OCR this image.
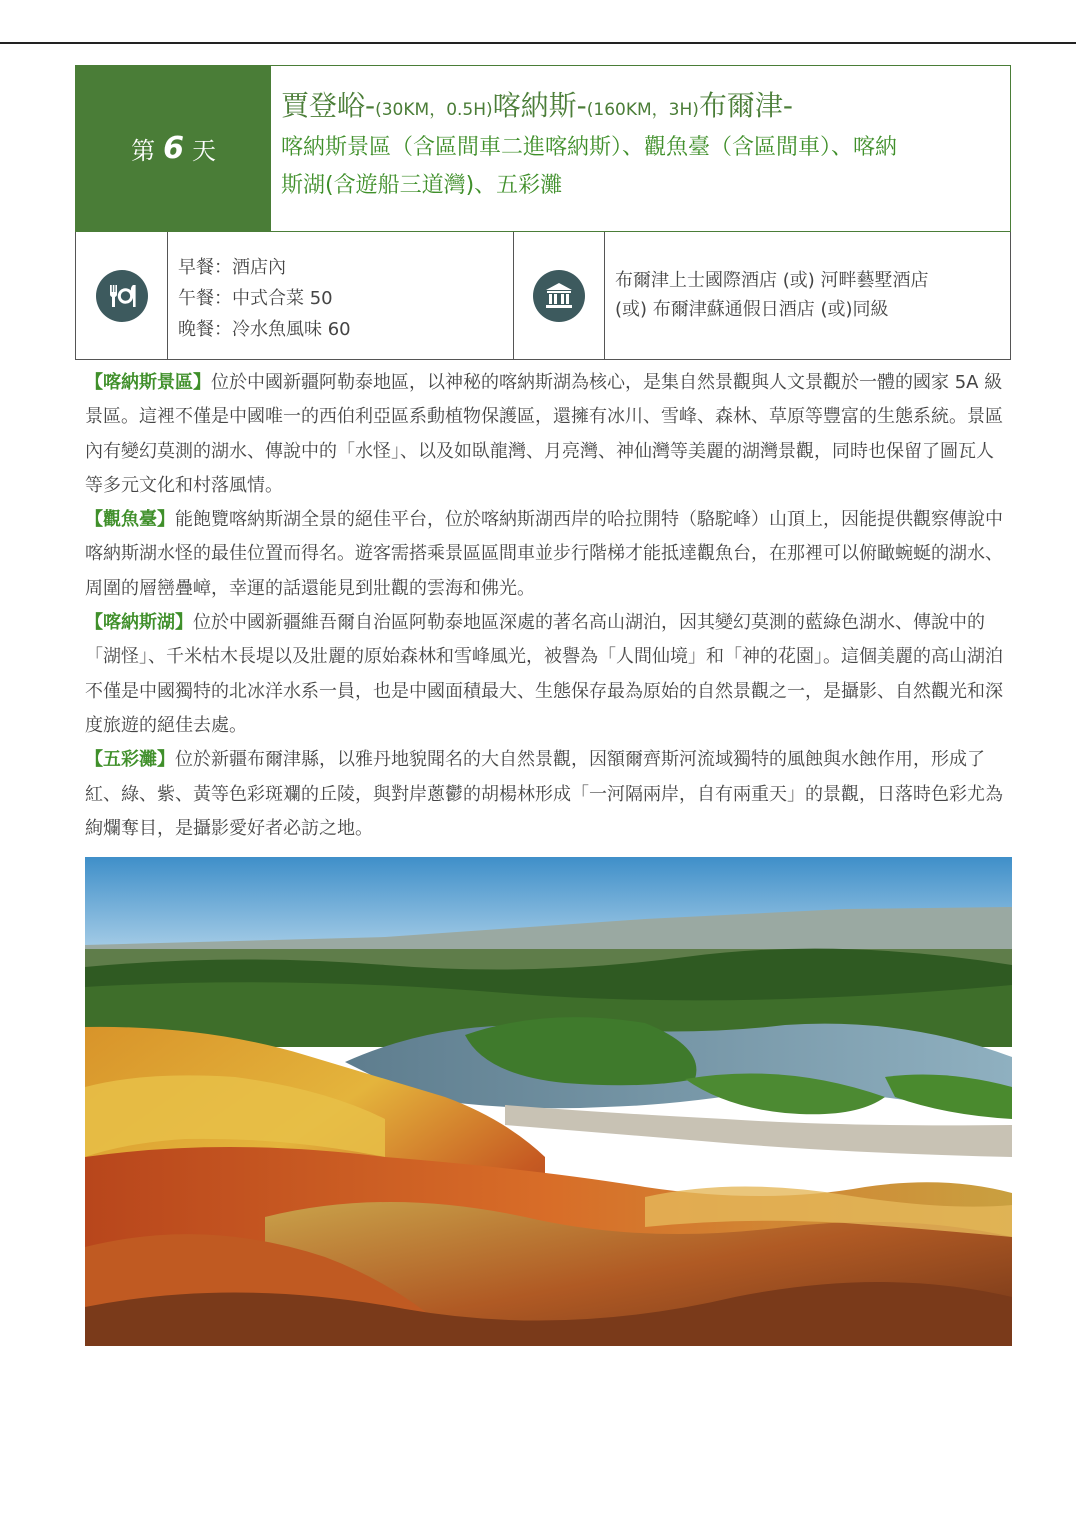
第 6 天
賈登峪-(30KM，0.5H)喀納斯-(160KM，3H)布爾津-
喀納斯景區（含區間車二進喀納斯）、觀魚臺（含區間車）、喀納
斯湖(含遊船三道灣)、五彩灘
早餐：酒店內
午餐：中式合菜 50
晚餐：冷水魚風味 60
布爾津上士國際酒店 (或) 河畔藝墅酒店
(或) 布爾津蘇通假日酒店 (或)同級

【喀納斯景區】位於中國新疆阿勒泰地區，以神秘的喀納斯湖為核心，是集自然景觀與人文景觀於一體的國家 5A 級景區。這裡不僅是中國唯一的西伯利亞區系動植物保護區，還擁有冰川、雪峰、森林、草原等豐富的生態系統。景區內有變幻莫測的湖水、傳說中的「水怪」、以及如臥龍灣、月亮灣、神仙灣等美麗的湖灣景觀，同時也保留了圖瓦人等多元文化和村落風情。

【觀魚臺】能飽覽喀納斯湖全景的絕佳平台，位於喀納斯湖西岸的哈拉開特（駱駝峰）山頂上，因能提供觀察傳說中喀納斯湖水怪的最佳位置而得名。遊客需搭乘景區區間車並步行階梯才能抵達觀魚台，在那裡可以俯瞰蜿蜒的湖水、周圍的層巒疊嶂，幸運的話還能見到壯觀的雲海和佛光。

【喀納斯湖】位於中國新疆維吾爾自治區阿勒泰地區深處的著名高山湖泊，因其變幻莫測的藍綠色湖水、傳說中的「湖怪」、千米枯木長堤以及壯麗的原始森林和雪峰風光，被譽為「人間仙境」和「神的花園」。這個美麗的高山湖泊不僅是中國獨特的北冰洋水系一員，也是中國面積最大、生態保存最為原始的自然景觀之一，是攝影、自然觀光和深度旅遊的絕佳去處。

【五彩灘】位於新疆布爾津縣，以雅丹地貌聞名的大自然景觀，因額爾齊斯河流域獨特的風蝕與水蝕作用，形成了紅、綠、紫、黃等色彩斑斕的丘陵，與對岸蔥鬱的胡楊林形成「一河隔兩岸，自有兩重天」的景觀，日落時色彩尤為絢爛奪目，是攝影愛好者必訪之地。
